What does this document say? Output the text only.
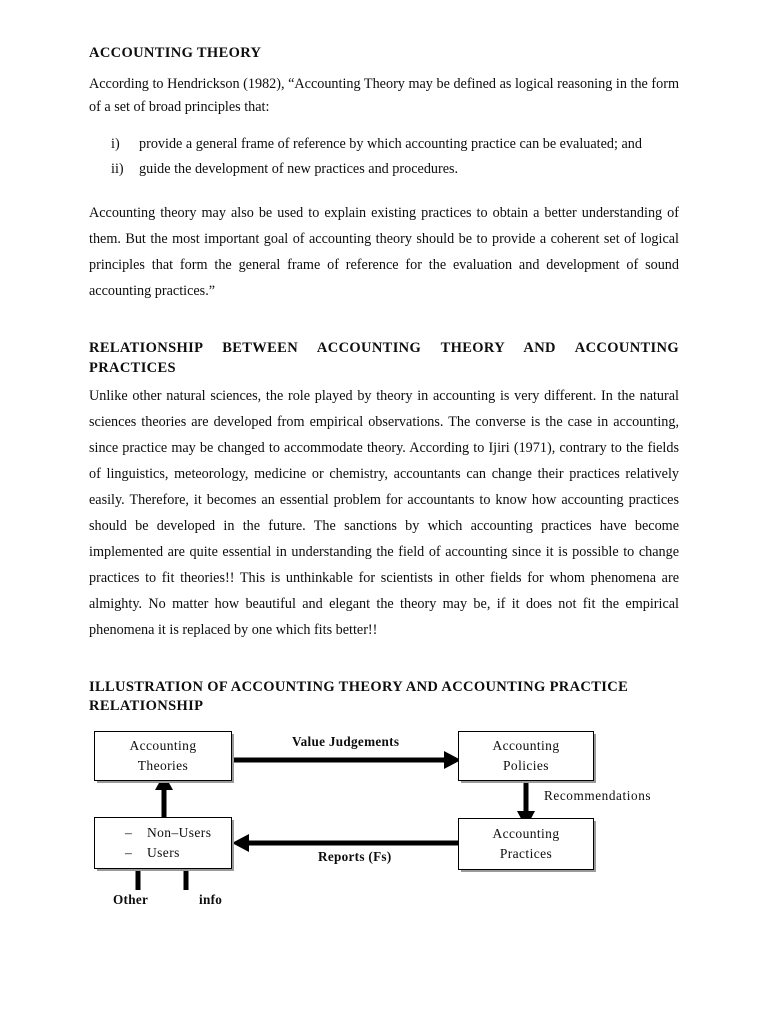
ACCOUNTING THEORY

According to Hendrickson (1982), “Accounting Theory may be defined as logical reasoning in the form of a set of broad principles that:

i)	provide a general frame of reference by which accounting practice can be evaluated; and
ii)	guide the development of new practices and procedures.

Accounting theory may also be used to explain existing practices to obtain a better understanding of them. But the most important goal of accounting theory should be to provide a coherent set of logical principles that form the general frame of reference for the evaluation and development of sound accounting practices.”

RELATIONSHIP BETWEEN ACCOUNTING THEORY AND ACCOUNTING
PRACTICES

Unlike other natural sciences, the role played by theory in accounting is very different. In the natural sciences theories are developed from empirical observations. The converse is the case in accounting, since practice may be changed to accommodate theory. According to Ijiri (1971), contrary to the fields of linguistics, meteorology, medicine or chemistry, accountants can change their practices relatively easily. Therefore, it becomes an essential problem for accountants to know how accounting practices should be developed in the future. The sanctions by which accounting practices have become implemented are quite essential in understanding the field of accounting since it is possible to change practices to fit theories!! This is unthinkable for scientists in other fields for whom phenomena are almighty. No matter how beautiful and elegant the theory may be, if it does not fit the empirical phenomena it is replaced by one which fits better!!

ILLUSTRATION OF ACCOUNTING THEORY AND ACCOUNTING PRACTICE
RELATIONSHIP
Accounting
Theories
Accounting
Policies
–	Non–Users
–	Users
Accounting
Practices
Value Judgements
Recommendations
Reports (Fs)
Other	info
